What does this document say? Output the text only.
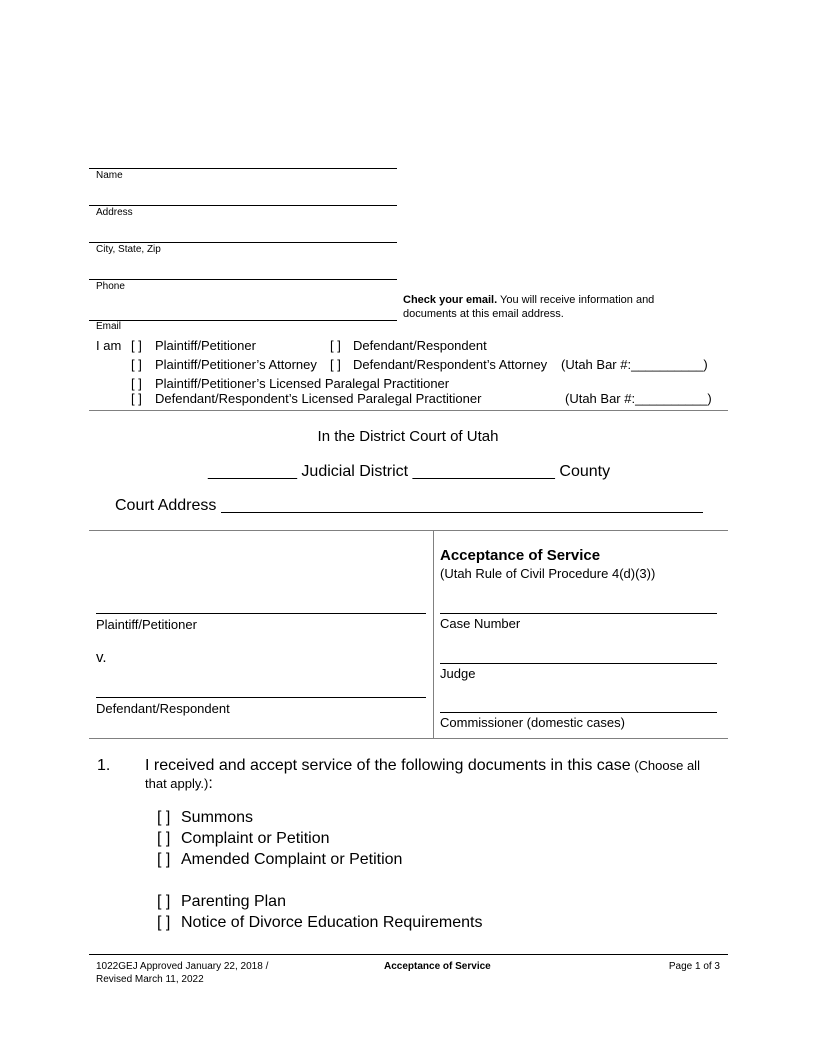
Name
Address
City, State, Zip
Phone
Check your email. You will receive information and documents at this email address.
Email
I am [ ] Plaintiff/Petitioner	[ ] Defendant/Respondent
[ ] Plaintiff/Petitioner’s Attorney [ ] Defendant/Respondent’s Attorney (Utah Bar #:__________)
[ ] Plaintiff/Petitioner’s Licensed Paralegal Practitioner
[ ] Defendant/Respondent’s Licensed Paralegal Practitioner	(Utah Bar #:__________)
In the District Court of Utah
__________ Judicial District ________________ County
Court Address
Plaintiff/Petitioner
v.
Defendant/Respondent
Acceptance of Service
(Utah Rule of Civil Procedure 4(d)(3))
Case Number
Judge
Commissioner (domestic cases)
1. I received and accept service of the following documents in this case (Choose all
that apply.):
[ ] Summons
[ ] Complaint or Petition
[ ] Amended Complaint or Petition
[ ] Parenting Plan
[ ] Notice of Divorce Education Requirements
1022GEJ Approved January 22, 2018 /
Revised March 11, 2022
Acceptance of Service	Page 1 of 3
